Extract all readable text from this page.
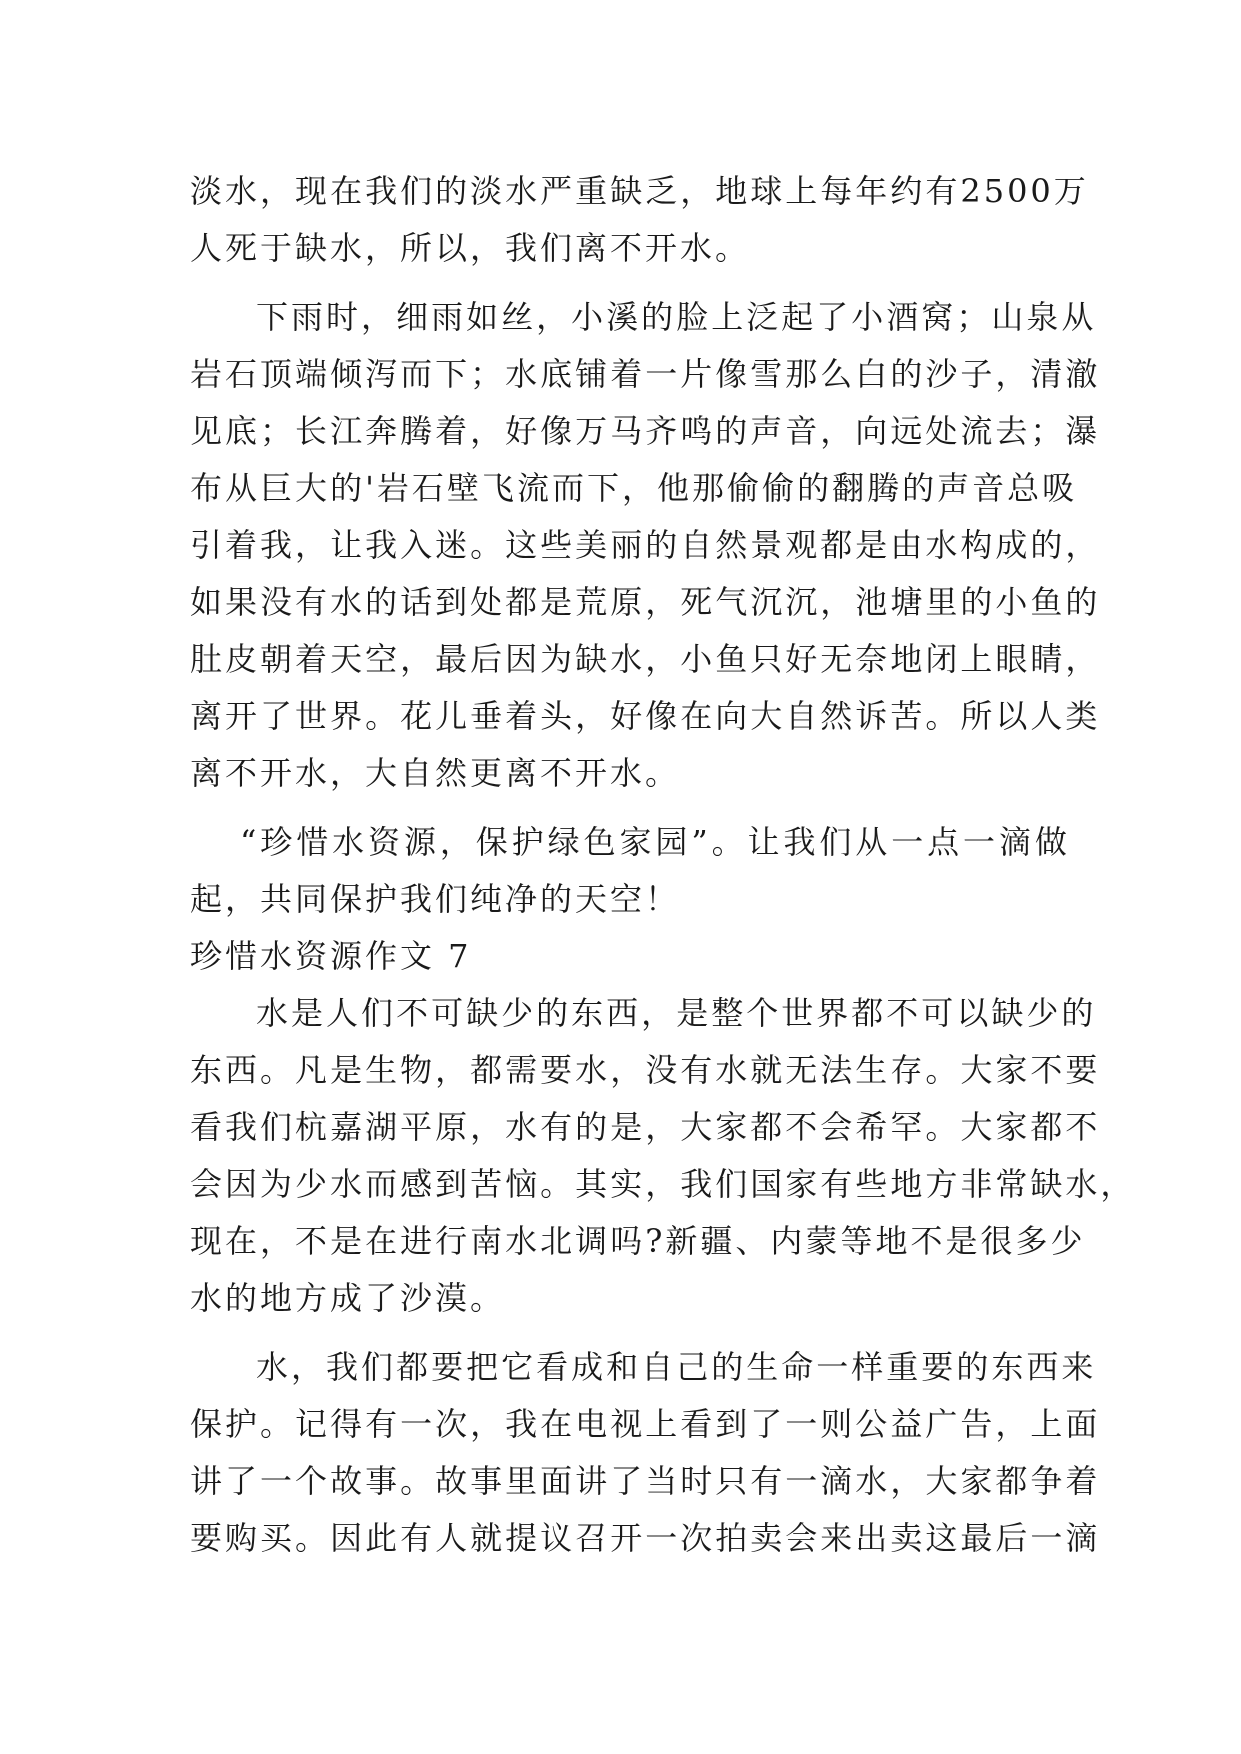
淡 水 ， 现 在 我 们 的 淡 水 严 重 缺 乏 ， 地 球 上 每 年 约 有 2500 万
人死于缺水，所以，我们离不开水。
下 雨 时 ， 细 雨 如 丝 ， 小 溪 的 脸 上 泛 起 了 小 酒 窝 ； 山 泉 从
岩 石 顶 端 倾 泻 而 下 ； 水 底 铺 着 一 片 像 雪 那 么 白 的 沙 子 ， 清 澈
见 底 ； 长 江 奔 腾 着 ， 好 像 万 马 齐 鸣 的 声 音 ， 向 远 处 流 去 ； 瀑
布 从 巨 大 的 ' 岩 石 壁 飞 流 而 下 ， 他 那 偷 偷 的 翻 腾 的 声 音 总 吸
引 着 我 ， 让 我 入 迷 。 这 些 美 丽 的 自 然 景 观 都 是 由 水 构 成 的 ，
如 果 没 有 水 的 话 到 处 都 是 荒 原 ， 死 气 沉 沉 ， 池 塘 里 的 小 鱼 的
肚 皮 朝 着 天 空 ， 最 后 因 为 缺 水 ， 小 鱼 只 好 无 奈 地 闭 上 眼 睛 ，
离 开 了 世 界 。 花 儿 垂 着 头 ， 好 像 在 向 大 自 然 诉 苦 。 所 以 人 类
离不开水，大自然更离不开水。
“ 珍 惜 水 资 源 ， 保 护 绿 色 家 园 ” 。 让 我 们 从 一 点 一 滴 做
起，共同保护我们纯净的天空！
珍惜水资源作文 7
水 是 人 们 不 可 缺 少 的 东 西 ， 是 整 个 世 界 都 不 可 以 缺 少 的
东 西 。 凡 是 生 物 ， 都 需 要 水 ， 没 有 水 就 无 法 生 存 。 大 家 不 要
看 我 们 杭 嘉 湖 平 原 ， 水 有 的 是 ， 大 家 都 不 会 希 罕 。 大 家 都 不
会 因 为 少 水 而 感 到 苦 恼 。 其 实 ， 我 们 国 家 有 些 地 方 非 常 缺 水 ，
现 在 ， 不 是 在 进 行 南 水 北 调 吗 ? 新 疆 、 内 蒙 等 地 不 是 很 多 少
水的地方成了沙漠。
水 ， 我 们 都 要 把 它 看 成 和 自 己 的 生 命 一 样 重 要 的 东 西 来
保 护 。 记 得 有 一 次 ， 我 在 电 视 上 看 到 了 一 则 公 益 广 告 ， 上 面
讲 了 一 个 故 事 。 故 事 里 面 讲 了 当 时 只 有 一 滴 水 ， 大 家 都 争 着
要 购 买 。 因 此 有 人 就 提 议 召 开 一 次 拍 卖 会 来 出 卖 这 最 后 一 滴
